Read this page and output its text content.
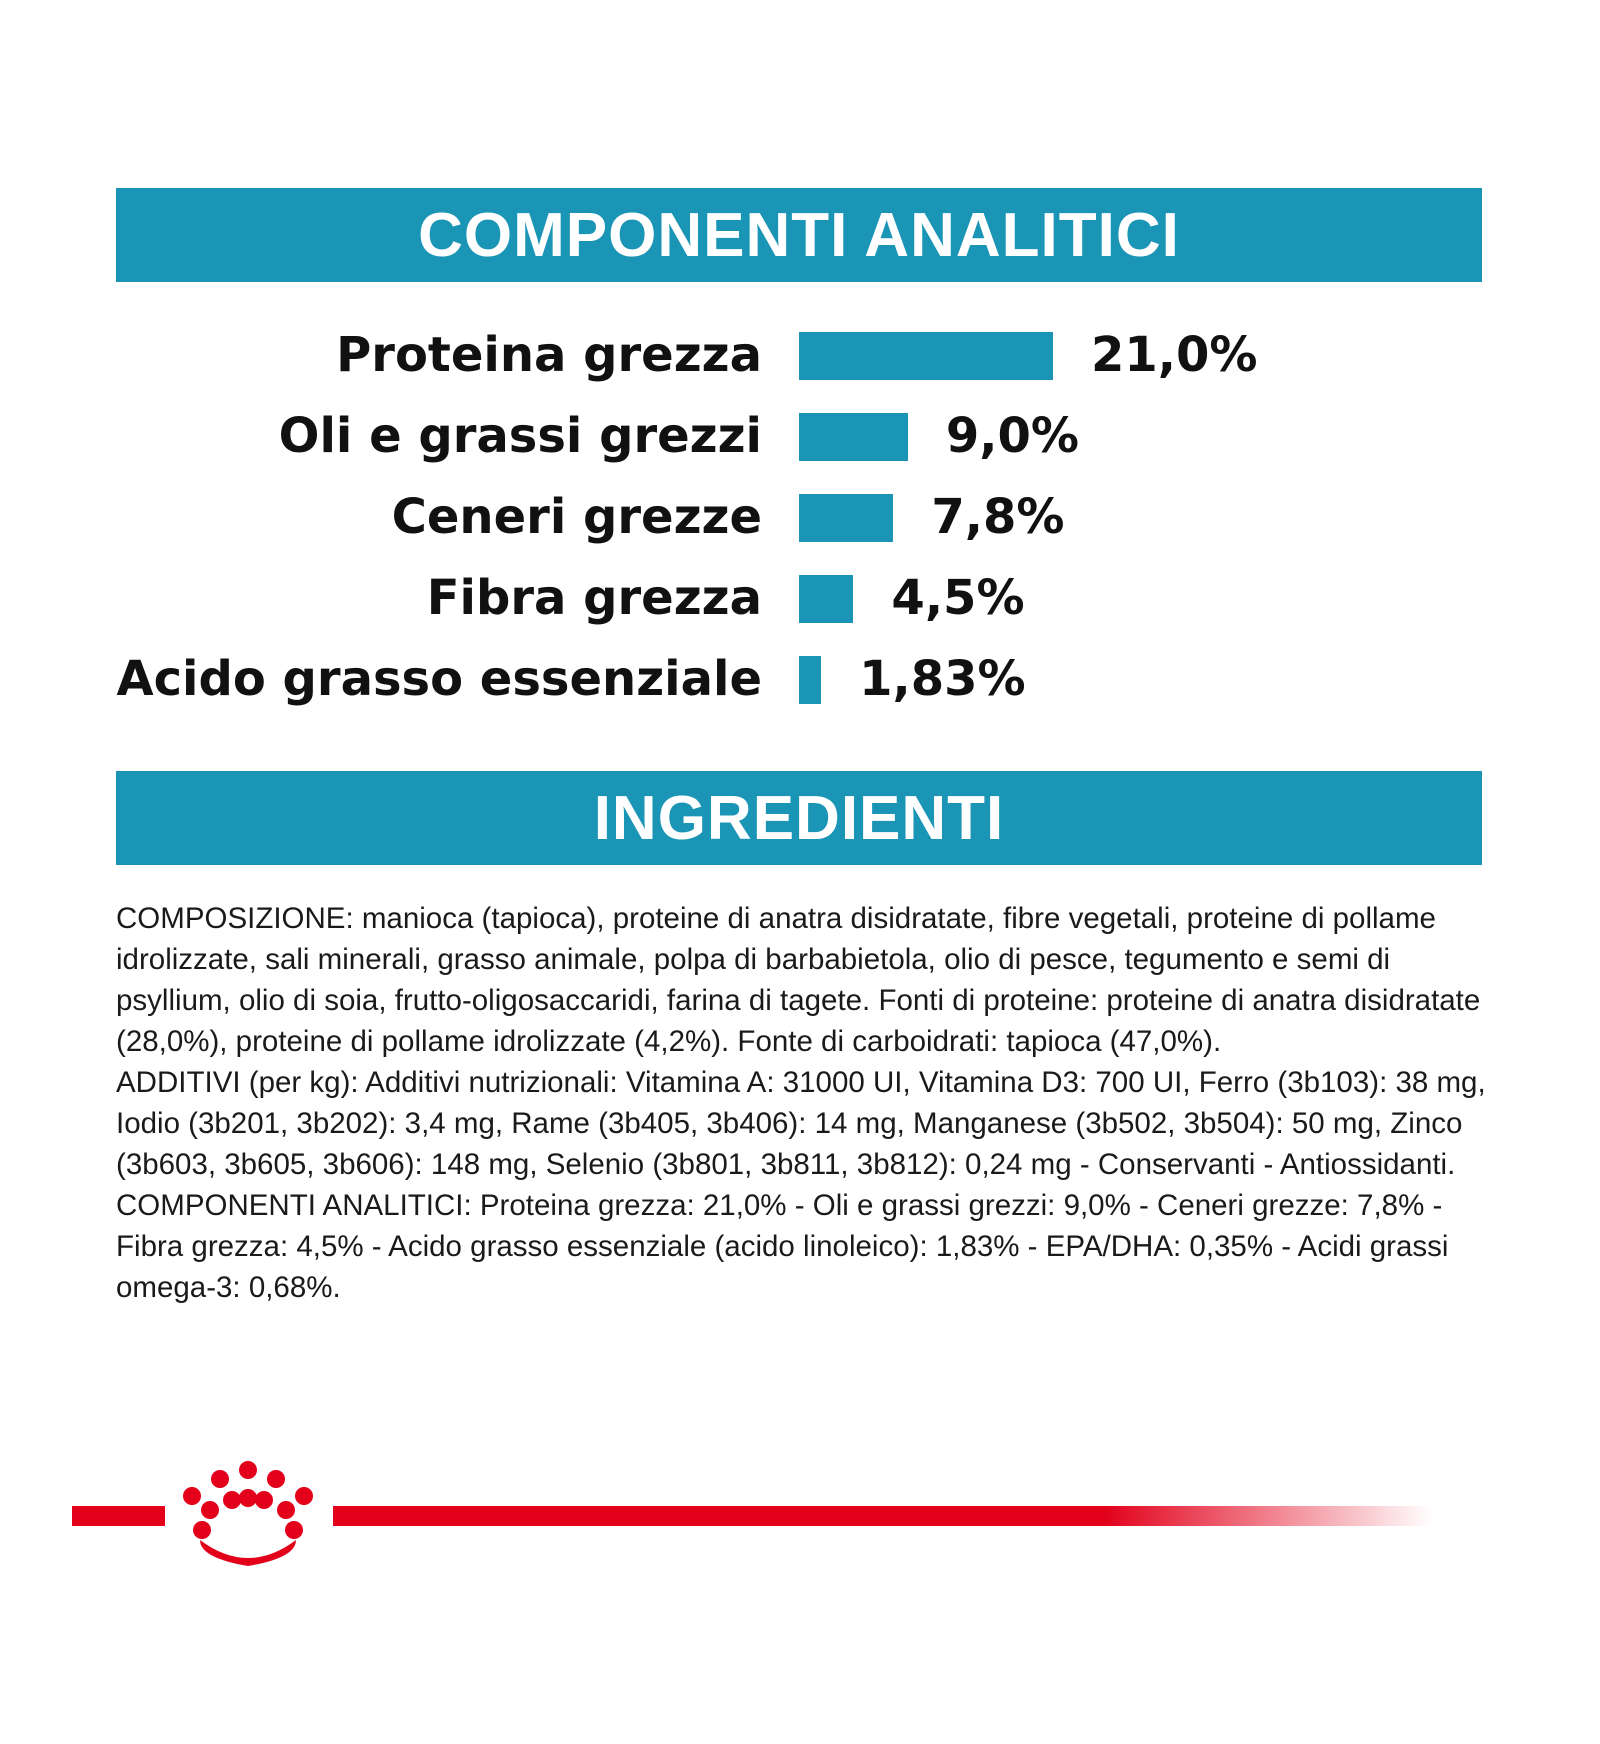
COMPONENTI ANALITICI
Proteina grezza	21,0%
Oli e grassi grezzi	9,0%
Ceneri grezze	7,8%
Fibra grezza	4,5%
Acido grasso essenziale 1,83%
INGREDIENTI

COMPOSIZIONE: manioca (tapioca), proteine di anatra disidratate, fibre vegetali, proteine di pollame idrolizzate, sali minerali, grasso animale, polpa di barbabietola, olio di pesce, tegumento e semi di psyllium, olio di soia, frutto-oligosaccaridi, farina di tagete. Fonti di proteine: proteine di anatra disidratate (28,0%), proteine di pollame idrolizzate (4,2%). Fonte di carboidrati: tapioca (47,0%).

ADDITIVI (per kg): Additivi nutrizionali: Vitamina A: 31000 UI, Vitamina D3: 700 UI, Ferro (3b103): 38 mg, Iodio (3b201, 3b202): 3,4 mg, Rame (3b405, 3b406): 14 mg, Manganese (3b502, 3b504): 50 mg, Zinco (3b603, 3b605, 3b606): 148 mg, Selenio (3b801, 3b811, 3b812): 0,24 mg - Conservanti - Antiossidanti.

COMPONENTI ANALITICI: Proteina grezza: 21,0% - Oli e grassi grezzi: 9,0% - Ceneri grezze: 7,8% - Fibra grezza: 4,5% - Acido grasso essenziale (acido linoleico): 1,83% - EPA/DHA: 0,35% - Acidi grassi omega-3: 0,68%.
